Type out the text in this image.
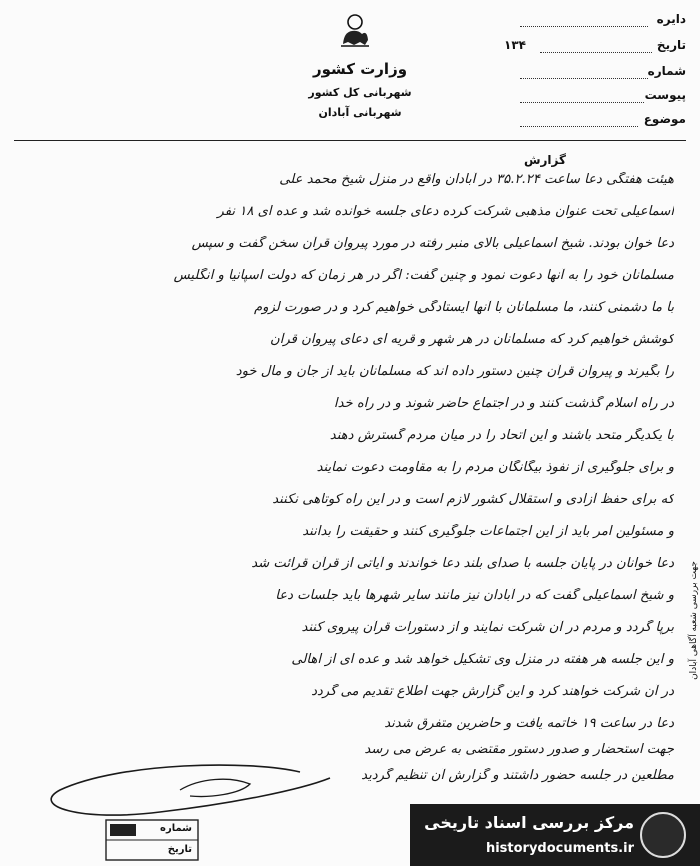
وزارت کشور
شهربانی کل کشور
شهربانی آبادان
دایره
تاریخ
۱۳۴
شماره
پیوست
موضوع
گزارش
هیئت هفتگی دعا ساعت ۳۵.۲.۲۴ در آبادان واقع در منزل شیخ محمد علی
اسماعیلی تحت عنوان مذهبی شرکت کرده دعای جلسه خوانده شد و عده ای ۱۸ نفر
دعا خوان بودند. شیخ اسماعیلی بالای منبر رفته در مورد پیروان قرآن سخن گفت و سپس
مسلمانان خود را به آنها دعوت نمود و چنین گفت: اگر در هر زمان که دولت اسپانیا و انگلیس
با ما دشمنی کنند، ما مسلمانان با آنها ایستادگی خواهیم کرد و در صورت لزوم
کوشش خواهیم کرد که مسلمانان در هر شهر و قریه ای دعای پیروان قرآن
را بگیرند و پیروان قرآن چنین دستور داده اند که مسلمانان باید از جان و مال خود
در راه اسلام گذشت کنند و در اجتماع حاضر شوند و در راه خدا
با یکدیگر متحد باشند و این اتحاد را در میان مردم گسترش دهند
و برای جلوگیری از نفوذ بیگانگان مردم را به مقاومت دعوت نمایند
که برای حفظ آزادی و استقلال کشور لازم است و در این راه کوتاهی نکنند
و مسئولین امر باید از این اجتماعات جلوگیری کنند و حقیقت را بدانند
دعا خوانان در پایان جلسه با صدای بلند دعا خواندند و آیاتی از قرآن قرائت شد
و شیخ اسماعیلی گفت که در آبادان نیز مانند سایر شهرها باید جلسات دعا
برپا گردد و مردم در آن شرکت نمایند و از دستورات قرآن پیروی کنند
و این جلسه هر هفته در منزل وی تشکیل خواهد شد و عده ای از اهالی
در آن شرکت خواهند کرد و این گزارش جهت اطلاع تقدیم می گردد
دعا در ساعت ۱۹ خاتمه یافت و حاضرین متفرق شدند
جهت استحضار و صدور دستور مقتضی به عرض می رسد
مطلعین در جلسه حضور داشتند و گزارش آن تنظیم گردید
شماره
تاریخ
جهت بررسی شعبه آگاهی آبادان
مرکز بررسی اسناد تاریخی
historydocuments.ir
